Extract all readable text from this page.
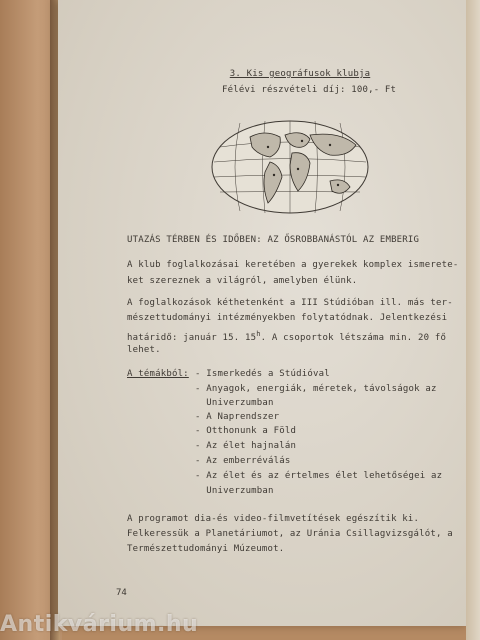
3. Kis geográfusok klubja
Félévi részvételi díj: 100,- Ft
UTAZÁS TÉRBEN ÉS IDŐBEN: AZ ŐSROBBANÁSTÓL AZ EMBERIG
A klub foglalkozásai keretében a gyerekek komplex ismerete-
ket szereznek a világról, amelyben élünk.
A foglalkozások kéthetenként a III Stúdióban ill. más ter-
mészettudományi intézményekben folytatódnak. Jelentkezési
határidő: január 15. 15$^h$. A csoportok létszáma min. 20 fő
lehet.
A témákból: - Ismerkedés a Stúdióval
- Anyagok, energiák, méretek, távolságok az
Univerzumban
- A Naprendszer
- Otthonunk a Föld
- Az élet hajnalán
- Az emberréválás
- Az élet és az értelmes élet lehetőségei az
Univerzumban
A programot dia-és video-filmvetítések egészítik ki.
Felkeressük a Planetáriumot, az Uránia Csillagvizsgálót, a
Természettudományi Múzeumot.
74
Antikvárium.hu
